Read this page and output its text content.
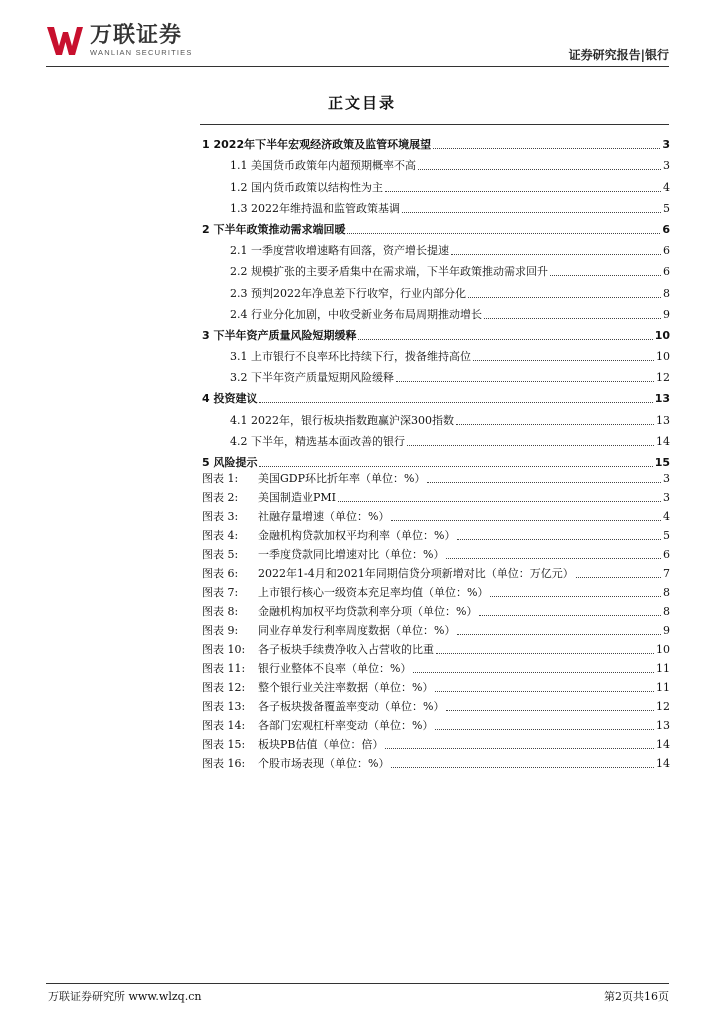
万联证券
WANLIAN SECURITIES	证券研究报告|银行
正文目录
1 2022年下半年宏观经济政策及监管环境展望	3
1.1 美国货币政策年内超预期概率不高	3
1.2 国内货币政策以结构性为主	4
1.3 2022年维持温和监管政策基调	5
2 下半年政策推动需求端回暖	6
2.1 一季度营收增速略有回落，资产增长提速	6
2.2 规模扩张的主要矛盾集中在需求端，下半年政策推动需求回升	6
2.3 预判2022年净息差下行收窄，行业内部分化	8
2.4 行业分化加剧，中收受新业务布局周期推动增长	9
3 下半年资产质量风险短期缓释	10
3.1 上市银行不良率环比持续下行，拨备维持高位	10
3.2 下半年资产质量短期风险缓释	12
4 投资建议	13
4.1 2022年，银行板块指数跑赢沪深300指数	13
4.2 下半年，精选基本面改善的银行	14
5 风险提示	15
图表 1:	美国GDP环比折年率（单位：%）	3
图表 2:	美国制造业PMI	3
图表 3:	社融存量增速（单位：%）	4
图表 4:	金融机构贷款加权平均利率（单位：%）	5
图表 5:	一季度贷款同比增速对比（单位：%）	6
图表 6:	2022年1-4月和2021年同期信贷分项新增对比（单位：万亿元）	7
图表 7:	上市银行核心一级资本充足率均值（单位：%）	8
图表 8:	金融机构加权平均贷款利率分项（单位：%）	8
图表 9:	同业存单发行利率周度数据（单位：%）	9
图表 10: 各子板块手续费净收入占营收的比重	10
图表 11: 银行业整体不良率（单位：%）	11
图表 12: 整个银行业关注率数据（单位：%）	11
图表 13: 各子板块拨备覆盖率变动（单位：%）	12
图表 14: 各部门宏观杠杆率变动（单位：%）	13
图表 15: 板块PB估值（单位：倍）	14
图表 16: 个股市场表现（单位：%）	14
万联证券研究所 www.wlzq.cn	第2页共16页
